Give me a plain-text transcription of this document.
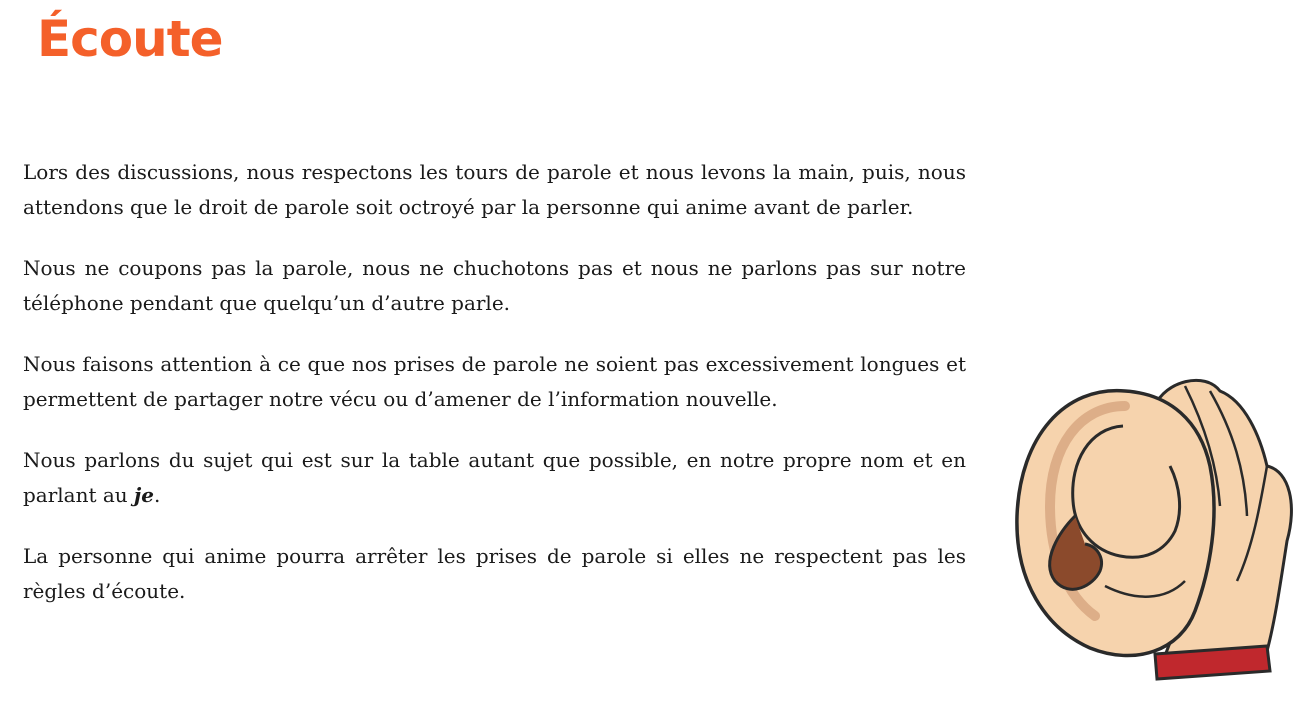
Écoute

Lors des discussions, nous respectons les tours de parole et nous levons la main, puis, nous attendons que le droit de parole soit octroyé par la personne qui anime avant de parler.

Nous ne coupons pas la parole, nous ne chuchotons pas et nous ne parlons pas sur notre téléphone pendant que quelqu’un d’autre parle.

Nous faisons attention à ce que nos prises de parole ne soient pas excessivement longues et permettent de partager notre vécu ou d’amener de l’information nouvelle.

Nous parlons du sujet qui est sur la table autant que possible, en notre propre nom et en parlant au je.

La personne qui anime pourra arrêter les prises de parole si elles ne respectent pas les règles d’écoute.
